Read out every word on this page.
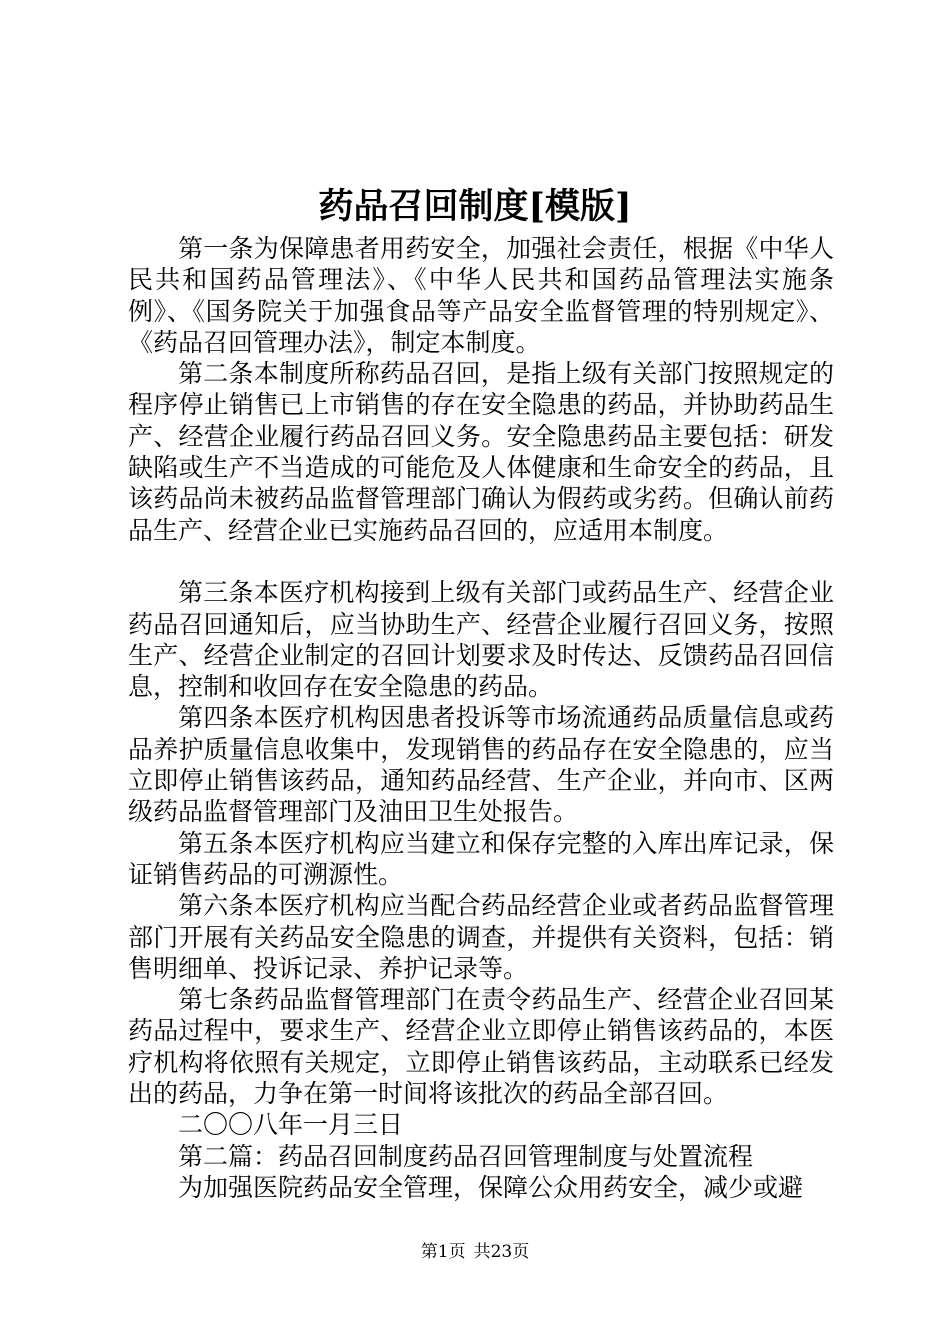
药品召回制度[模版]

第一条为保障患者用药安全，加强社会责任，根据《中华人民共和国药品管理法》、《中华人民共和国药品管理法实施条例》、《国务院关于加强食品等产品安全监督管理的特别规定》、《药品召回管理办法》，制定本制度。

第二条本制度所称药品召回，是指上级有关部门按照规定的程序停止销售已上市销售的存在安全隐患的药品，并协助药品生产、经营企业履行药品召回义务。安全隐患药品主要包括：研发缺陷或生产不当造成的可能危及人体健康和生命安全的药品，且该药品尚未被药品监督管理部门确认为假药或劣药。但确认前药品生产、经营企业已实施药品召回的，应适用本制度。

第三条本医疗机构接到上级有关部门或药品生产、经营企业药品召回通知后，应当协助生产、经营企业履行召回义务，按照生产、经营企业制定的召回计划要求及时传达、反馈药品召回信息，控制和收回存在安全隐患的药品。

第四条本医疗机构因患者投诉等市场流通药品质量信息或药品养护质量信息收集中，发现销售的药品存在安全隐患的，应当立即停止销售该药品，通知药品经营、生产企业，并向市、区两级药品监督管理部门及油田卫生处报告。

第五条本医疗机构应当建立和保存完整的入库出库记录，保证销售药品的可溯源性。

第六条本医疗机构应当配合药品经营企业或者药品监督管理部门开展有关药品安全隐患的调查，并提供有关资料，包括：销售明细单、投诉记录、养护记录等。

第七条药品监督管理部门在责令药品生产、经营企业召回某药品过程中，要求生产、经营企业立即停止销售该药品的，本医疗机构将依照有关规定，立即停止销售该药品，主动联系已经发出的药品，力争在第一时间将该批次的药品全部召回。

二〇〇八年一月三日

第二篇：药品召回制度药品召回管理制度与处置流程

为加强医院药品安全管理，保障公众用药安全，减少或避

第1页 共23页
